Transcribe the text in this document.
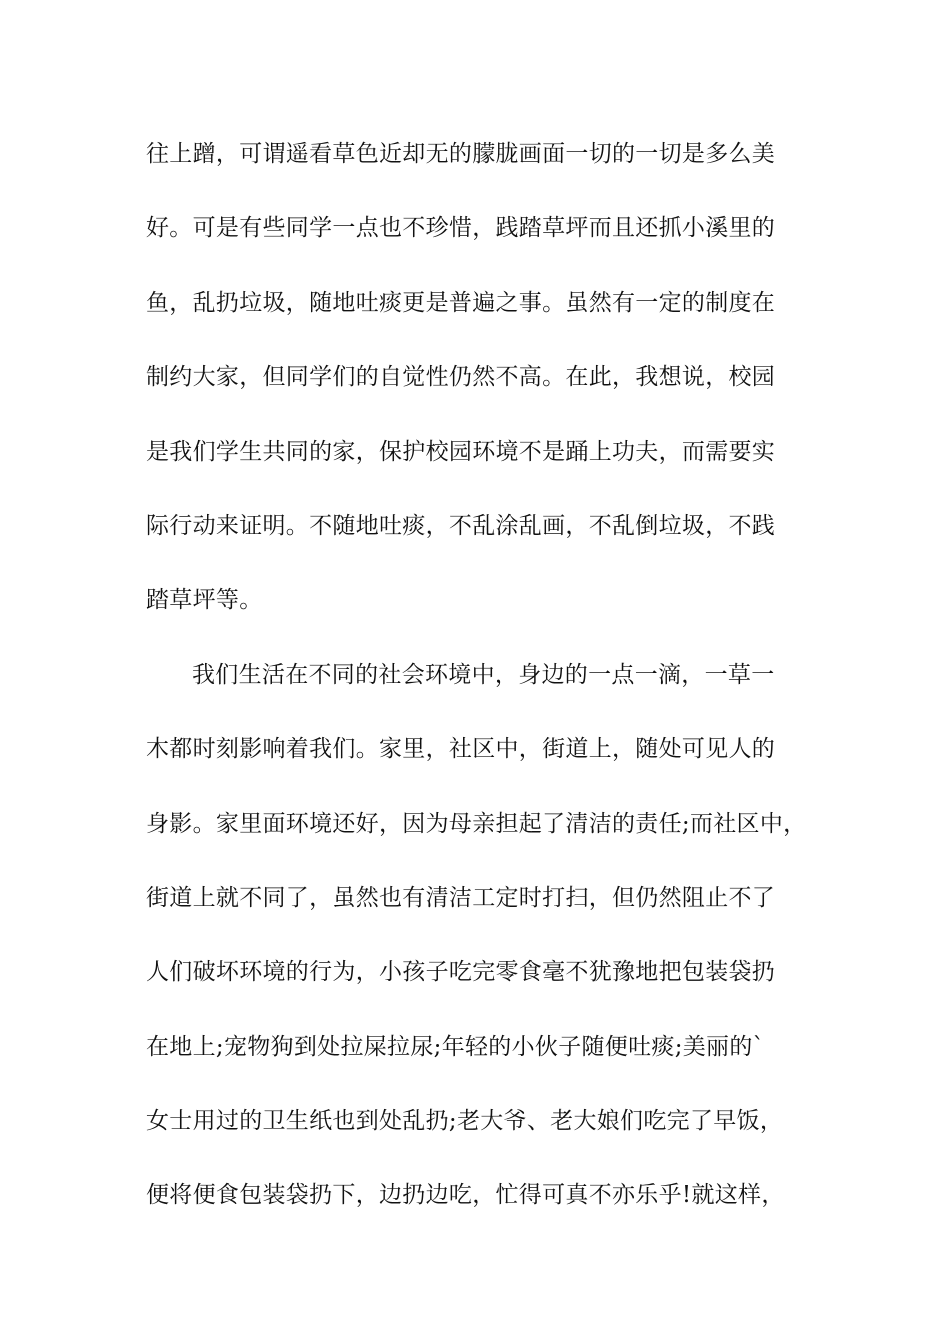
往上蹭，可谓遥看草色近却无的朦胧画面一切的一切是多么美
好。可是有些同学一点也不珍惜，践踏草坪而且还抓小溪里的
鱼，乱扔垃圾，随地吐痰更是普遍之事。虽然有一定的制度在
制约大家，但同学们的自觉性仍然不高。在此，我想说，校园
是我们学生共同的家，保护校园环境不是踊上功夫，而需要实
际行动来证明。不随地吐痰，不乱涂乱画，不乱倒垃圾，不践
踏草坪等。
我们生活在不同的社会环境中，身边的一点一滴，一草一
木都时刻影响着我们。家里，社区中，街道上，随处可见人的
身影。家里面环境还好，因为母亲担起了清洁的责任;而社区中，
街道上就不同了，虽然也有清洁工定时打扫，但仍然阻止不了
人们破坏环境的行为，小孩子吃完零食毫不犹豫地把包装袋扔
在地上;宠物狗到处拉屎拉尿;年轻的小伙子随便吐痰;美丽的`
女士用过的卫生纸也到处乱扔;老大爷、老大娘们吃完了早饭，
便将便食包装袋扔下，边扔边吃，忙得可真不亦乐乎!就这样，
